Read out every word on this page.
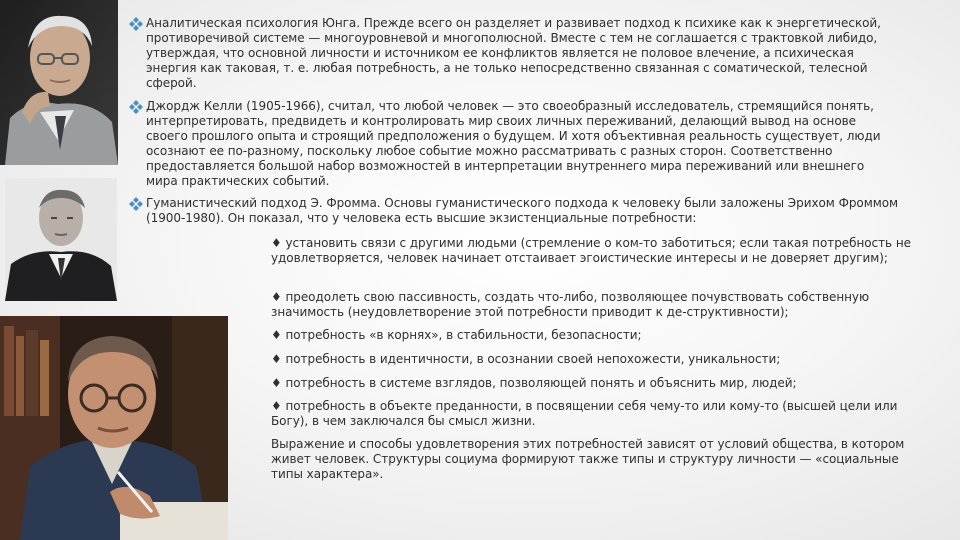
Аналитическая психология Юнга. Прежде всего он разделяет и развивает подход к психике как к энергетической, противоречивой системе — многоуровневой и многополюсной. Вместе с тем не соглашается с трактовкой либидо, утверждая, что основной личности и источником ее конфликтов является не половое влечение, а психическая энергия как таковая, т. е. любая потребность, а не только непосредственно связанная с соматической, телесной сферой.

Джордж Келли (1905-1966), считал, что любой человек — это своеобразный исследователь, стремящийся понять, интерпретировать, предвидеть и контролировать мир своих личных переживаний, делающий вывод на основе своего прошлого опыта и строящий предположения о будущем. И хотя объективная реальность существует, люди осознают ее по-разному, поскольку любое событие можно рассматривать с разных сторон. Соответственно предоставляется большой набор возможностей в интерпретации внутреннего мира переживаний или внешнего мира практических событий.

Гуманистический подход Э. Фромма. Основы гуманистического подхода к человеку были заложены Эрихом Фроммом (1900-1980). Он показал, что у человека есть высшие экзистенциальные потребности:

♦ установить связи с другими людьми (стремление о ком-то заботиться; если такая потребность не удовлетворяется, человек начинает отстаивает эгоистические интересы и не доверяет другим);

♦ преодолеть свою пассивность, создать что-либо, позволяющее почувствовать собственную значимость (неудовлетворение этой потребности приводит к де-структивности);

♦ потребность «в корнях», в стабильности, безопасности;

♦ потребность в идентичности, в осознании своей непохожести, уникальности;

♦ потребность в системе взглядов, позволяющей понять и объяснить мир, людей;

♦ потребность в объекте преданности, в посвящении себя чему-то или кому-то (высшей цели или Богу), в чем заключался бы смысл жизни.

Выражение и способы удовлетворения этих потребностей зависят от условий общества, в котором живет человек. Структуры социума формируют также типы и структуру личности — «социальные типы характера».
